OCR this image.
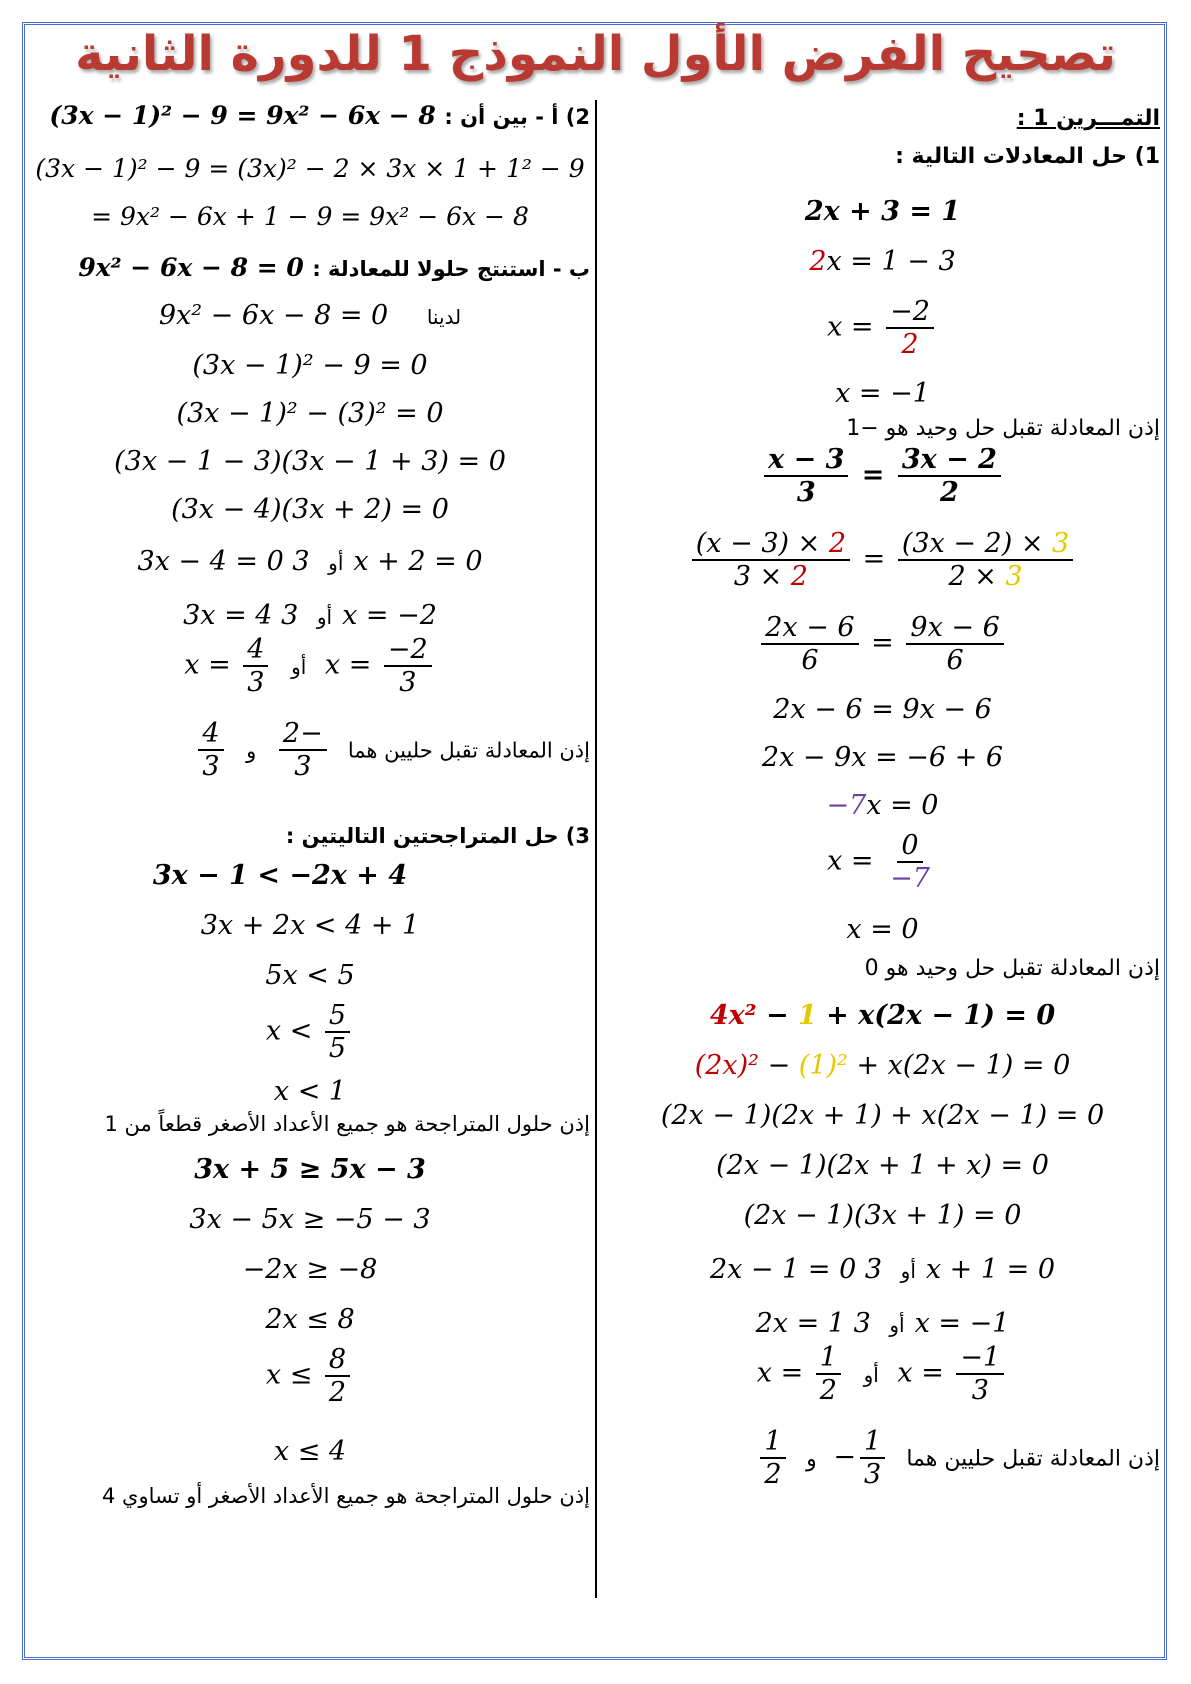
تصحيح الفرض الأول النموذج 1 للدورة الثانية
التمـــرين 1 :
1) حل المعادلات التالية :
2x + 3 = 1
2x = 1 − 3
$x = \frac{-2}{2}$
x = −1
إذن المعادلة تقبل حل وحيد هو −1
$\frac{x - 3}{3} = \frac{3x - 2}{2}$
$\frac{(x - 3) \times 2}{3 \times 2} = \frac{(3x - 2) \times 3}{2 \times 3}$
$\frac{2x - 6}{6} = \frac{9x - 6}{6}$
2x − 6 = 9x − 6
2x − 9x = −6 + 6
−7x = 0
$x = \frac{0}{-7}$
x = 0
إذن المعادلة تقبل حل وحيد هو 0
4x² − 1 + x(2x − 1) = 0
(2x)² − (1)² + x(2x − 1) = 0
(2x − 1)(2x + 1) + x(2x − 1) = 0
(2x − 1)(2x + 1 + x) = 0
(2x − 1)(3x + 1) = 0
2x − 1 = 0 أو 3x + 1 = 0
2x = 1 أو 3x = −1
$x = \frac{1}{2}$ أو $x = \frac{-1}{3}$
إذن المعادلة تقبل حليين هما
$\frac{1}{3}$
− و
$\frac{1}{2}$
2) أ - بين أن : (3x − 1)² − 9 = 9x² − 6x − 8
(3x − 1)² − 9 = (3x)² − 2 × 3x × 1 + 1² − 9
= 9x² − 6x + 1 − 9 = 9x² − 6x − 8
ب - استنتج حلولا للمعادلة : 9x² − 6x − 8 = 0
9x² − 6x − 8 = 0 لدينا
(3x − 1)² − 9 = 0
(3x − 1)² − (3)² = 0
(3x − 1 − 3)(3x − 1 + 3) = 0
(3x − 4)(3x + 2) = 0
3x − 4 = 0 أو 3x + 2 = 0
3x = 4 أو 3x = −2
$x = \frac{4}{3}$ أو $x = \frac{-2}{3}$
إذن المعادلة تقبل حليين هما
$\frac{-2}{3}$
و
$\frac{4}{3}$
3) حل المتراجحتين التاليتين :
3x − 1 < −2x + 4
3x + 2x < 4 + 1
5x < 5
$x < \frac{5}{5}$
x < 1
إذن حلول المتراجحة هو جميع الأعداد الأصغر قطعاً من 1
3x + 5 ≥ 5x − 3
3x − 5x ≥ −5 − 3
−2x ≥ −8
2x ≤ 8
$x \le \frac{8}{2}$
x ≤ 4
إذن حلول المتراجحة هو جميع الأعداد الأصغر أو تساوي 4
